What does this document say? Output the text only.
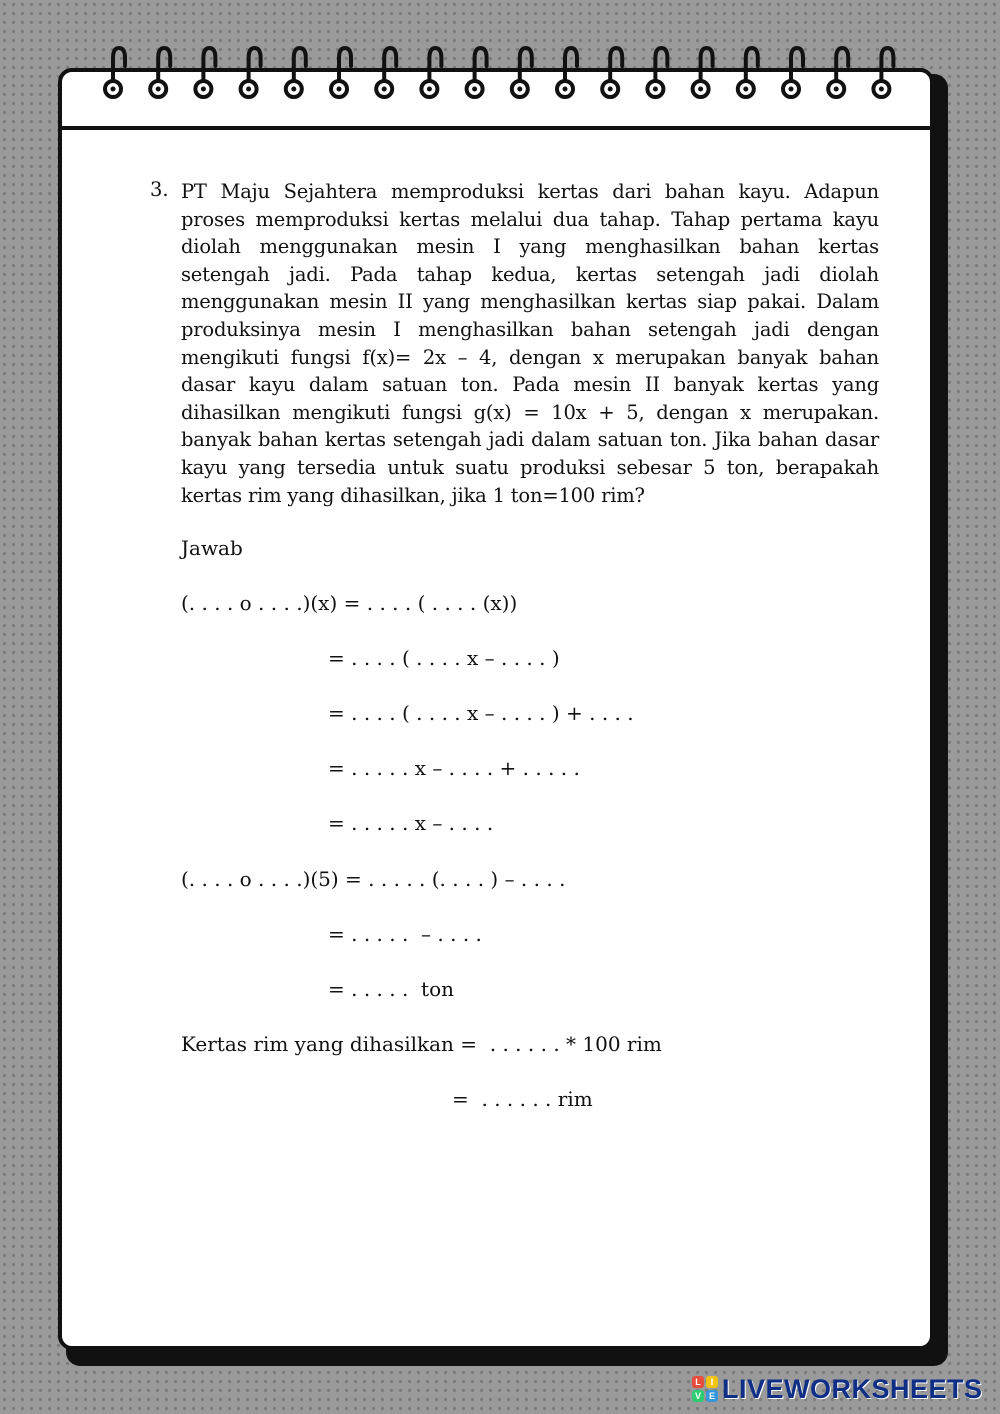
3. PT Maju Sejahtera memproduksi kertas dari bahan kayu. Adapun proses memproduksi kertas melalui dua tahap. Tahap pertama kayu diolah menggunakan mesin I yang menghasilkan bahan kertas setengah jadi. Pada tahap kedua, kertas setengah jadi diolah menggunakan mesin II yang menghasilkan kertas siap pakai. Dalam produksinya mesin I menghasilkan bahan setengah jadi dengan mengikuti fungsi f(x)= 2x – 4, dengan x merupakan banyak bahan dasar kayu dalam satuan ton. Pada mesin II banyak kertas yang dihasilkan mengikuti fungsi g(x) = 10x + 5, dengan x merupakan. banyak bahan kertas setengah jadi dalam satuan ton. Jika bahan dasar kayu yang tersedia untuk suatu produksi sebesar 5 ton, berapakah kertas rim yang dihasilkan, jika 1 ton=100 rim?

Jawab
(. . . . o . . . .)(x) = . . . . ( . . . . (x))
= . . . . ( . . . . x – . . . . )
= . . . . ( . . . . x – . . . . ) + . . . .
= . . . . . x – . . . . + . . . . .
= . . . . . x – . . . .
(. . . . o . . . .)(5) = . . . . . (. . . . ) – . . . .
= . . . . .  – . . . .
= . . . . .  ton
Kertas rim yang dihasilkan =  . . . . . . * 100 rim
=  . . . . . . rim
L	I
V E LIVEWORKSHEETS
